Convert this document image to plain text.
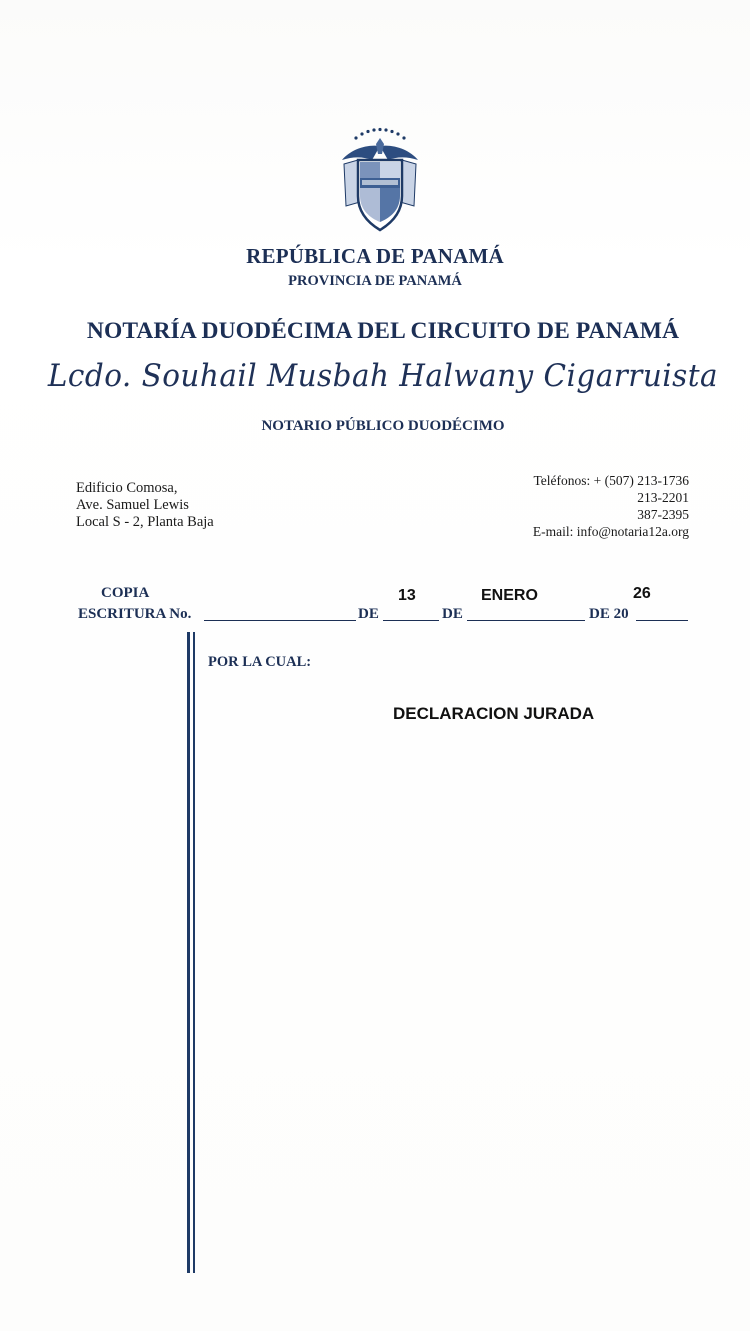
REPÚBLICA DE PANAMÁ
PROVINCIA DE PANAMÁ
NOTARÍA DUODÉCIMA DEL CIRCUITO DE PANAMÁ
Lcdo. Souhail Musbah Halwany Cigarruista
NOTARIO PÚBLICO DUODÉCIMO
Edificio Comosa,
Ave. Samuel Lewis
Local S - 2, Planta Baja
Teléfonos: + (507) 213-1736
213-2201
387-2395
E-mail: info@notaria12a.org
COPIA
ESCRITURA No.	DE
13
DE
ENERO
DE 20
26
POR LA CUAL:
DECLARACION JURADA
